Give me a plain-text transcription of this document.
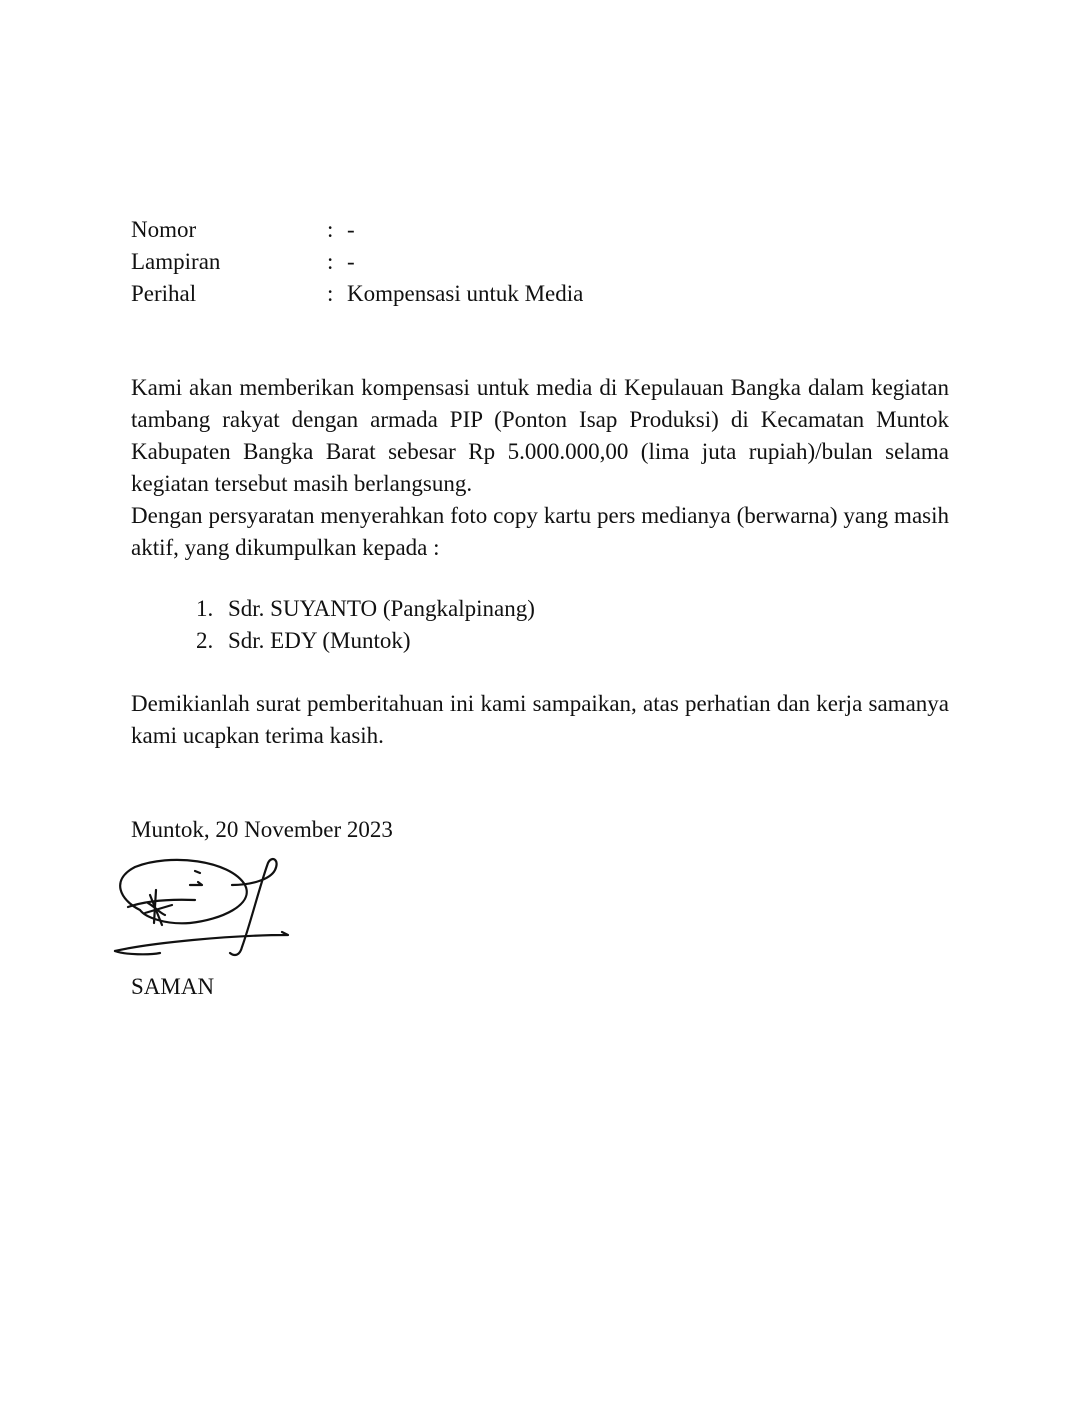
Nomor	: -
Lampiran	: -
Perihal	: Kompensasi untuk Media

Kami akan memberikan kompensasi untuk media di Kepulauan Bangka dalam kegiatan tambang rakyat dengan armada PIP (Ponton Isap Produksi) di Kecamatan Muntok Kabupaten Bangka Barat sebesar Rp 5.000.000,00 (lima juta rupiah)/bulan selama kegiatan tersebut masih berlangsung.

Dengan persyaratan menyerahkan foto copy kartu pers medianya (berwarna) yang masih aktif, yang dikumpulkan kepada :

1. Sdr. SUYANTO (Pangkalpinang)
2. Sdr. EDY (Muntok)
Demikianlah surat pemberitahuan ini kami sampaikan, atas perhatian dan kerja samanya kami ucapkan terima kasih.
Muntok, 20 November 2023
SAMAN
